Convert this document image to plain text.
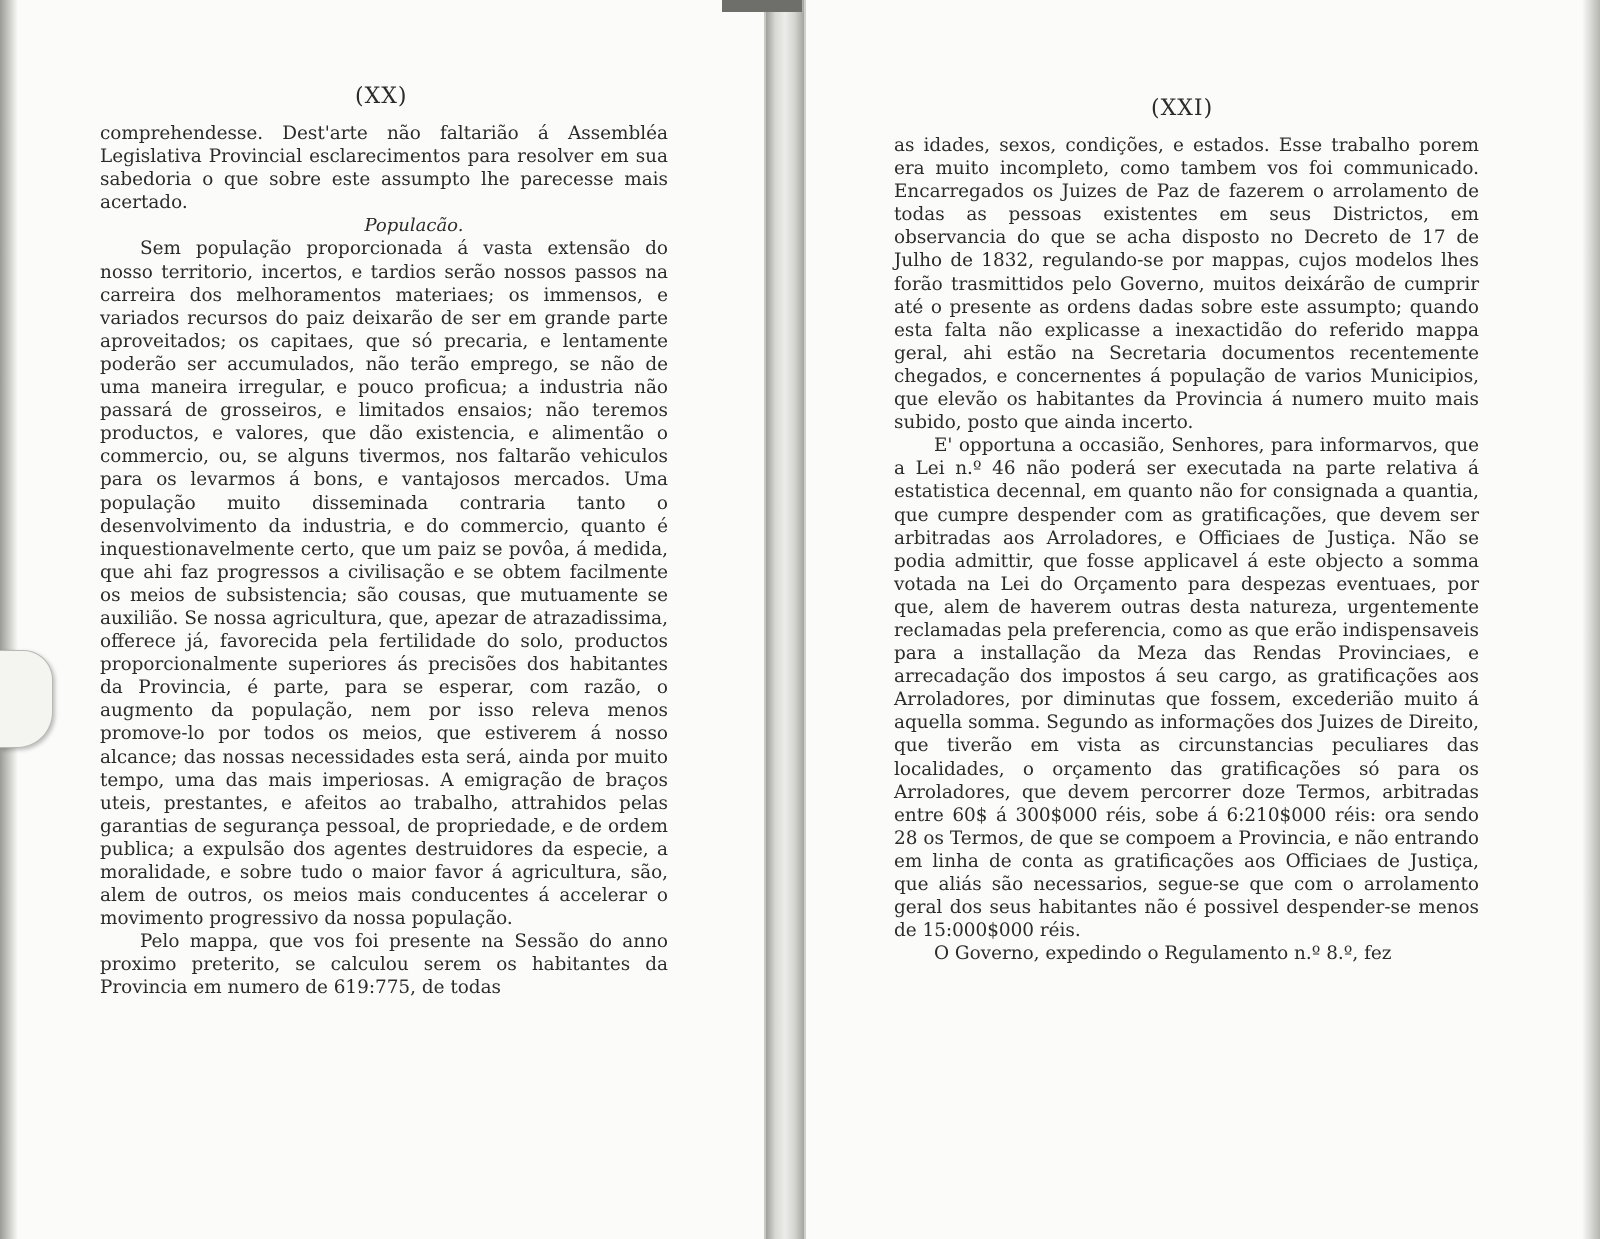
(XX)

comprehendesse. Dest'arte não faltarião á Assembléa Legislativa Provincial esclarecimentos para resolver em sua sabedoria o que sobre este assumpto lhe parecesse mais acertado.

Populacão.

Sem população proporcionada á vasta extensão do nosso territorio, incertos, e tardios serão nossos passos na carreira dos melhoramentos materiaes; os immensos, e variados recursos do paiz deixarão de ser em grande parte aproveitados; os capitaes, que só precaria, e lentamente poderão ser accumulados, não terão emprego, se não de uma maneira irregular, e pouco proficua; a industria não passará de grosseiros, e limitados ensaios; não teremos productos, e valores, que dão existencia, e alimentão o commercio, ou, se alguns tivermos, nos faltarão vehiculos para os levarmos á bons, e vantajosos mercados. Uma população muito disseminada contraria tanto o desenvolvimento da industria, e do commercio, quanto é inquestionavelmente certo, que um paiz se povôa, á medida, que ahi faz progressos a civilisação e se obtem facilmente os meios de subsistencia; são cousas, que mutuamente se auxilião. Se nossa agricultura, que, apezar de atrazadissima, offerece já, favorecida pela fertilidade do solo, productos proporcionalmente superiores ás precisões dos habitantes da Provincia, é parte, para se esperar, com razão, o augmento da população, nem por isso releva menos promove-lo por todos os meios, que estiverem á nosso alcance; das nossas necessidades esta será, ainda por muito tempo, uma das mais imperiosas. A emigração de braços uteis, prestantes, e afeitos ao trabalho, attrahidos pelas garantias de segurança pessoal, de propriedade, e de ordem publica; a expulsão dos agentes destruidores da especie, a moralidade, e sobre tudo o maior favor á agricultura, são, alem de outros, os meios mais conducentes á accelerar o movimento progressivo da nossa população.

Pelo mappa, que vos foi presente na Sessão do anno proximo preterito, se calculou serem os habitantes da Provincia em numero de 619:775, de todas

(XXI)

as idades, sexos, condições, e estados. Esse trabalho porem era muito incompleto, como tambem vos foi communicado. Encarregados os Juizes de Paz de fazerem o arrolamento de todas as pessoas existentes em seus Districtos, em observancia do que se acha disposto no Decreto de 17 de Julho de 1832, regulando-se por mappas, cujos modelos lhes forão trasmittidos pelo Governo, muitos deixárão de cumprir até o presente as ordens dadas sobre este assumpto; quando esta falta não explicasse a inexactidão do referido mappa geral, ahi estão na Secretaria documentos recentemente chegados, e concernentes á população de varios Municipios, que elevão os habitantes da Provincia á numero muito mais subido, posto que ainda incerto.

E' opportuna a occasião, Senhores, para informarvos, que a Lei n.º 46 não poderá ser executada na parte relativa á estatistica decennal, em quanto não for consignada a quantia, que cumpre despender com as gratificações, que devem ser arbitradas aos Arroladores, e Officiaes de Justiça. Não se podia admittir, que fosse applicavel á este objecto a somma votada na Lei do Orçamento para despezas eventuaes, por que, alem de haverem outras desta natureza, urgentemente reclamadas pela preferencia, como as que erão indispensaveis para a installação da Meza das Rendas Provinciaes, e arrecadação dos impostos á seu cargo, as gratificações aos Arroladores, por diminutas que fossem, excederião muito á aquella somma. Segundo as informações dos Juizes de Direito, que tiverão em vista as circunstancias peculiares das localidades, o orçamento das gratificações só para os Arroladores, que devem percorrer doze Termos, arbitradas entre 60$ á 300$000 réis, sobe á 6:210$000 réis: ora sendo 28 os Termos, de que se compoem a Provincia, e não entrando em linha de conta as gratificações aos Officiaes de Justiça, que aliás são necessarios, segue-se que com o arrolamento geral dos seus habitantes não é possivel despender-se menos de 15:000$000 réis.

O Governo, expedindo o Regulamento n.º 8.º, fez
